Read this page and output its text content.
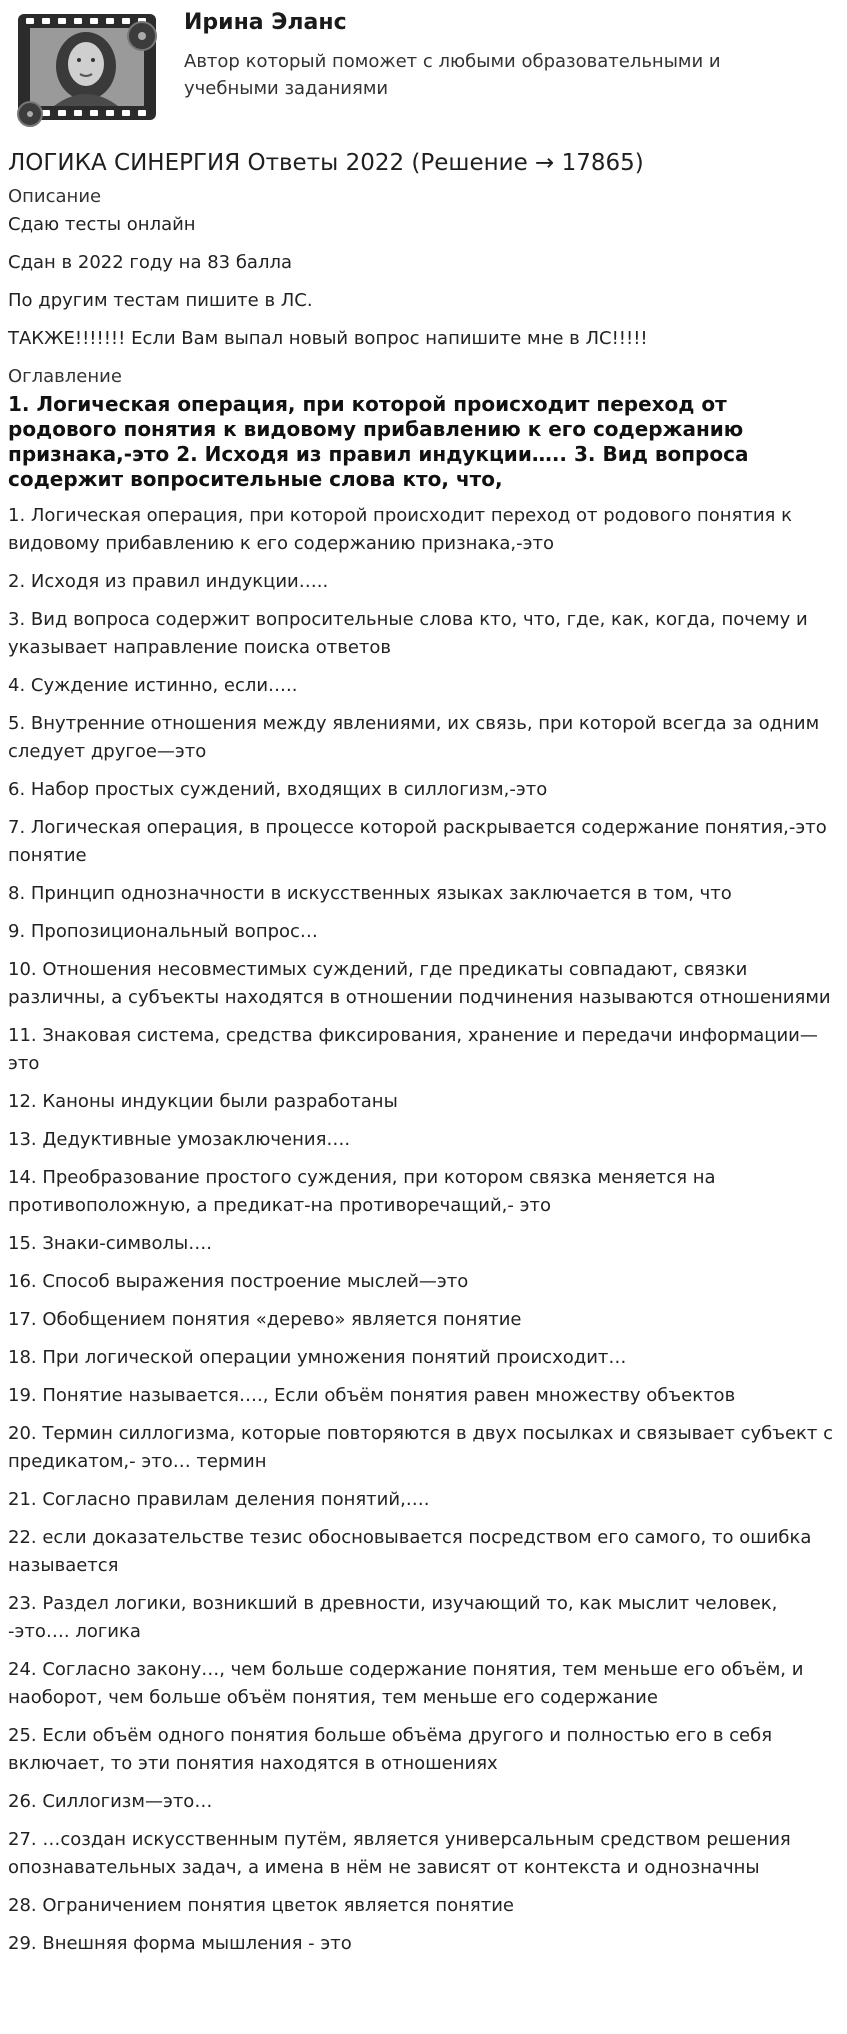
Ирина Эланс
Автор который поможет с любыми образовательными и учебными заданиями
ЛОГИКА СИНЕРГИЯ Ответы 2022 (Решение → 17865)
Описание

Сдаю тесты онлайн

Сдан в 2022 году на 83 балла

По другим тестам пишите в ЛС.

ТАКЖЕ!!!!!!! Если Вам выпал новый вопрос напишите мне в ЛС!!!!!

Оглавление
1. Логическая операция, при которой происходит переход от родового понятия к видовому прибавлению к его содержанию признака,-это 2. Исходя из правил индукции….. 3. Вид вопроса содержит вопросительные слова кто, что,
1. Логическая операция, при которой происходит переход от родового понятия к видовому прибавлению к его содержанию признака,-это
2. Исходя из правил индукции…..
3. Вид вопроса содержит вопросительные слова кто, что, где, как, когда, почему и указывает направление поиска ответов
4. Суждение истинно, если…..
5. Внутренние отношения между явлениями, их связь, при которой всегда за одним следует другое—это
6. Набор простых суждений, входящих в силлогизм,-это
7. Логическая операция, в процессе которой раскрывается содержание понятия,-это понятие
8. Принцип однозначности в искусственных языках заключается в том, что
9. Пропозициональный вопрос…
10. Отношения несовместимых суждений, где предикаты совпадают, связки различны, а субъекты находятся в отношении подчинения называются отношениями
11. Знаковая система, средства фиксирования, хранение и передачи информации—это
12. Каноны индукции были разработаны
13. Дедуктивные умозаключения….
14. Преобразование простого суждения, при котором связка меняется на противоположную, а предикат-на противоречащий,- это
15. Знаки-символы….
16. Способ выражения построение мыслей—это
17. Обобщением понятия «дерево» является понятие
18. При логической операции умножения понятий происходит…
19. Понятие называется…., Если объём понятия равен множеству объектов
20. Термин силлогизма, которые повторяются в двух посылках и связывает субъект с предикатом,- это… термин
21. Согласно правилам деления понятий,….
22. если доказательстве тезис обосновывается посредством его самого, то ошибка называется
23. Раздел логики, возникший в древности, изучающий то, как мыслит человек, -это…. логика
24. Согласно закону…, чем больше содержание понятия, тем меньше его объём, и наоборот, чем больше объём понятия, тем меньше его содержание
25. Если объём одного понятия больше объёма другого и полностью его в себя включает, то эти понятия находятся в отношениях
26. Силлогизм—это…
27. …создан искусственным путём, является универсальным средством решения опознавательных задач, а имена в нём не зависят от контекста и однозначны
28. Ограничением понятия цветок является понятие
29. Внешняя форма мышления - это
